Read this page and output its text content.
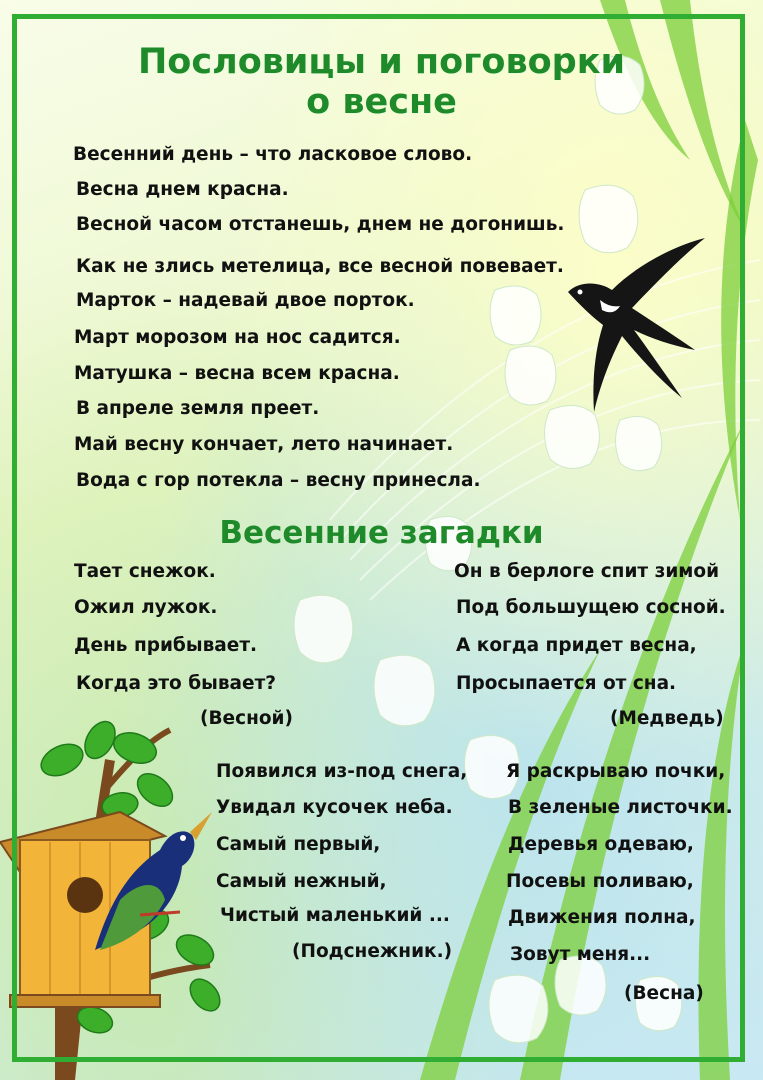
Пословицы и поговорки
о весне
Весенний день – что ласковое слово.
Весна днем красна.
Весной часом отстанешь, днем не догонишь.
Как не злись метелица, все весной повевает.
Марток – надевай двое порток.
Март морозом на нос садится.
Матушка – весна всем красна.
В апреле земля преет.
Май весну кончает, лето начинает.
Вода с гор потекла – весну принесла.
Весенние загадки
Тает снежок.
Ожил лужок.
День прибывает.
Когда это бывает?
(Весной)
Он в берлоге спит зимой
Под большущею сосной.
А когда придет весна,
Просыпается от сна.
(Медведь)
Появился из-под снега,
Увидал кусочек неба.
Самый первый,
Самый нежный,
Чистый маленький ...
(Подснежник.)
Я раскрываю почки,
В зеленые листочки.
Деревья одеваю,
Посевы поливаю,
Движения полна,
Зовут меня...
(Весна)
